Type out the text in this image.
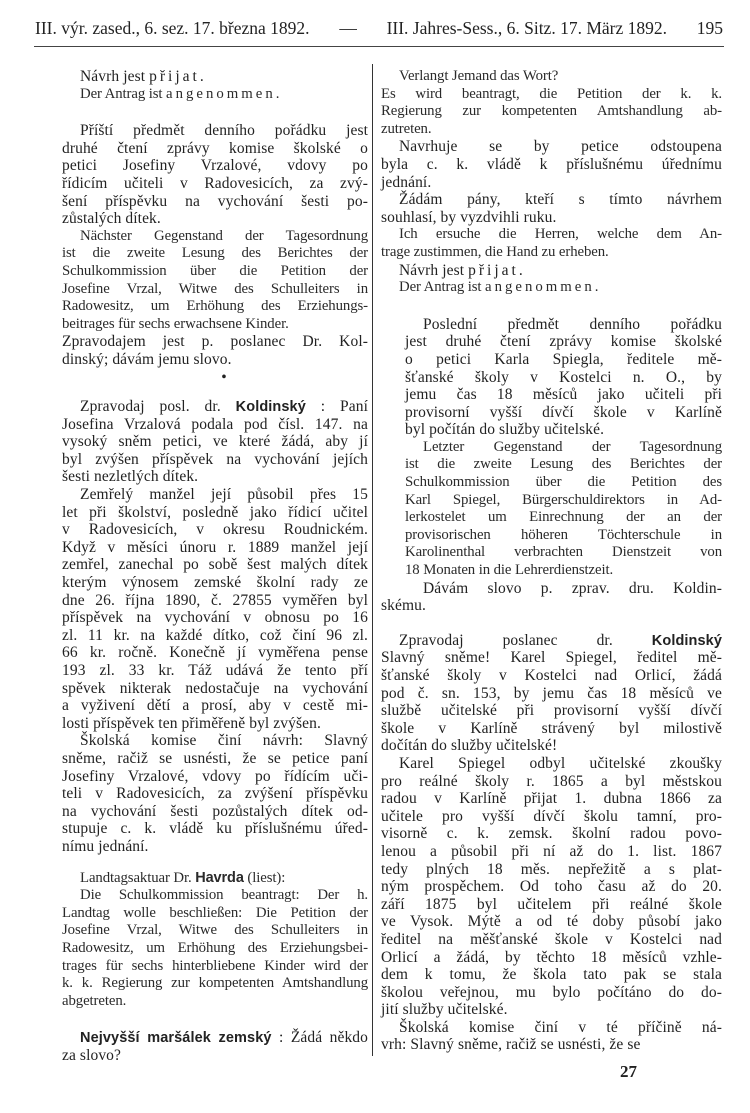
III. výr. zased., 6. sez. 17. března 1892. — III. Jahres-Sess., 6. Sitz. 17. März 1892. 195
Návrh jest přijat.
Der Antrag ist angenommen.
Příští předmět denního pořádku jest
druhé čtení zprávy komise školské o
petici Josefiny Vrzalové, vdovy po
řídicím učiteli v Radovesicích, za zvý-
šení příspěvku na vychování šesti po-
zůstalých dítek.
Nächster Gegenstand der Tagesordnung
ist die zweite Lesung des Berichtes der
Schulkommission über die Petition der
Josefine Vrzal, Witwe des Schulleiters in
Radowesitz, um Erhöhung des Erziehungs-
beitrages für sechs erwachsene Kinder.
Zpravodajem jest p. poslanec Dr. Kol-
dinský; dávám jemu slovo.
•
Zpravodaj posl. dr. Koldinský : Paní
Josefina Vrzalová podala pod čísl. 147. na
vysoký sněm petici, ve které žádá, aby jí
byl zvýšen příspěvek na vychování jejích
šesti nezletlých dítek.
Zemřelý manžel její působil přes 15
let při školství, posledně jako řídicí učitel
v Radovesicích, v okresu Roudnickém.
Když v měsíci únoru r. 1889 manžel její
zemřel, zanechal po sobě šest malých dítek
kterým výnosem zemské školní rady ze
dne 26. října 1890, č. 27855 vyměřen byl
příspěvek na vychování v obnosu po 16
zl. 11 kr. na každé dítko, což činí 96 zl.
66 kr. ročně. Konečně jí vyměřena pense
193 zl. 33 kr. Táž udává že tento pří
spěvek nikterak nedostačuje na vychování
a vyživení dětí a prosí, aby v cestě mi-
losti příspěvek ten přiměřeně byl zvýšen.
Školská komise činí návrh: Slavný
sněme, račiž se usnésti, že se petice paní
Josefiny Vrzalové, vdovy po řídícím uči-
teli v Radovesicích, za zvýšení příspěvku
na vychování šesti pozůstalých dítek od-
stupuje c. k. vládě ku příslušnému úřed-
nímu jednání.
Landtagsaktuar Dr. Havrda (liest):
Die Schulkommission beantragt: Der h.
Landtag wolle beschließen: Die Petition der
Josefine Vrzal, Witwe des Schulleiters in
Radowesitz, um Erhöhung des Erziehungsbei-
trages für sechs hinterbliebene Kinder wird der
k. k. Regierung zur kompetenten Amtshandlung
abgetreten.
Nejvyšší maršálek zemský : Žádá někdo
za slovo?
Verlangt Jemand das Wort?
Es wird beantragt, die Petition der k. k.
Regierung zur kompetenten Amtshandlung ab-
zutreten.
Navrhuje se by petice odstoupena
byla c. k. vládě k příslušnému úřednímu
jednání.
Žádám pány, kteří s tímto návrhem
souhlasí, by vyzdvihli ruku.
Ich ersuche die Herren, welche dem An-
trage zustimmen, die Hand zu erheben.
Návrh jest přijat.
Der Antrag ist angenommen.
Poslední předmět denního pořádku
jest druhé čtení zprávy komise školské
o petici Karla Spiegla, ředitele mě-
šťanské školy v Kostelci n. O., by
jemu čas 18 měsíců jako učiteli při
provisorní vyšší dívčí škole v Karlíně
byl počítán do služby učitelské.
Letzter Gegenstand der Tagesordnung
ist die zweite Lesung des Berichtes der
Schulkommission über die Petition des
Karl Spiegel, Bürgerschuldirektors in Ad-
lerkostelet um Einrechnung der an der
provisorischen höheren Töchterschule in
Karolinenthal verbrachten Dienstzeit von
18 Monaten in die Lehrerdienstzeit.
Dávám slovo p. zprav. dru. Koldin-
skému.
Zpravodaj poslanec dr. Koldinský
Slavný sněme! Karel Spiegel, ředitel mě-
šťanské školy v Kostelci nad Orlicí, žádá
pod č. sn. 153, by jemu čas 18 měsíců ve
službě učitelské při provisorní vyšší dívčí
škole v Karlíně strávený byl milostivě
dočítán do služby učitelské!
Karel Spiegel odbyl učitelské zkoušky
pro reálné školy r. 1865 a byl městskou
radou v Karlíně přijat 1. dubna 1866 za
učitele pro vyšší dívčí školu tamní, pro-
visorně c. k. zemsk. školní radou povo-
lenou a působil při ní až do 1. list. 1867
tedy plných 18 měs. nepřežitě a s plat-
ným prospěchem. Od toho času až do 20.
září 1875 byl učitelem při reálné škole
ve Vysok. Mýtě a od té doby působí jako
ředitel na měšťanské škole v Kostelci nad
Orlicí a žádá, by těchto 18 měsíců vzhle-
dem k tomu, že škola tato pak se stala
školou veřejnou, mu bylo počítáno do do-
jití služby učitelské.
Školská komise činí v té příčině ná-
vrh: Slavný sněme, račiž se usnésti, že se
27
